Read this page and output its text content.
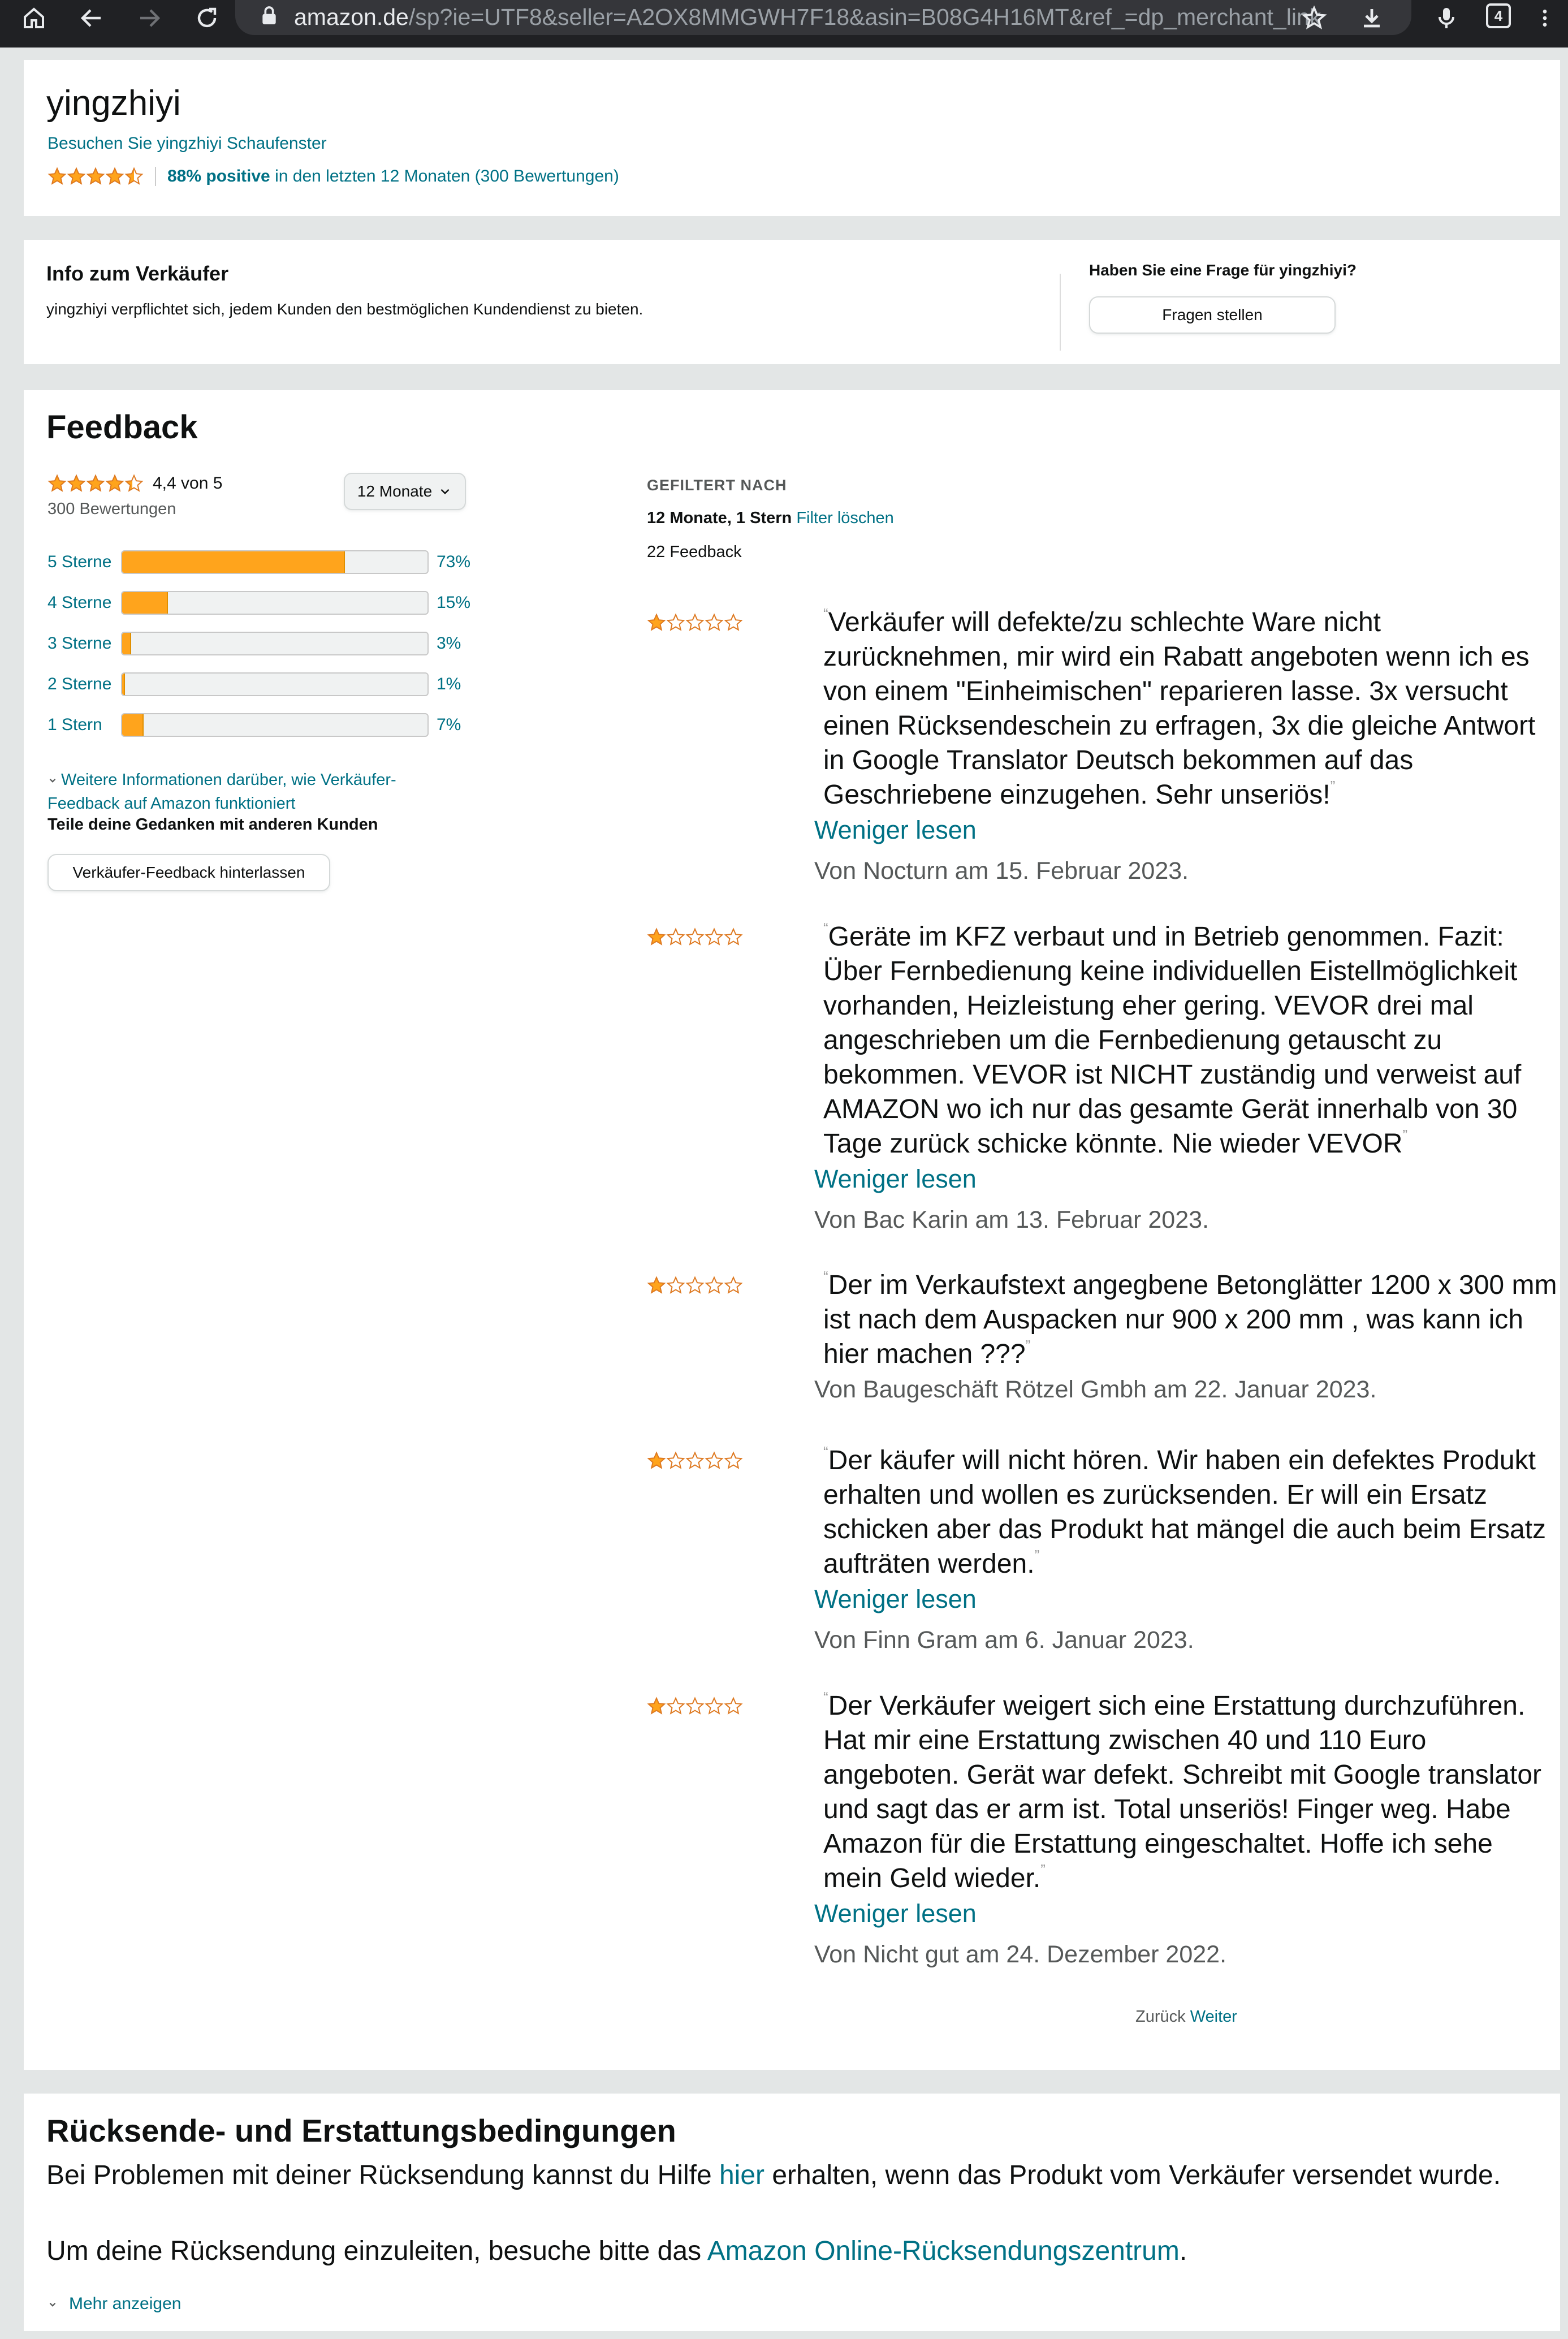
amazon.de/sp?ie=UTF8&seller=A2OX8MMGWH7F18&asin=B08G4H16MT&ref_=dp_merchant_link	4
yingzhiyi
Besuchen Sie yingzhiyi Schaufenster
88% positive in den letzten 12 Monaten (300 Bewertungen)
Info zum Verkäufer
yingzhiyi verpflichtet sich, jedem Kunden den bestmöglichen Kundendienst zu bieten.
Haben Sie eine Frage für yingzhiyi?
Fragen stellen
Feedback
4,4 von 5
300 Bewertungen
12 Monate
5 Sterne	73%
4 Sterne	15%
3 Sterne	3%
2 Sterne	1%
1 Stern	7%
Weitere Informationen darüber, wie Verkäufer-Feedback auf Amazon funktioniert
Teile deine Gedanken mit anderen Kunden
Verkäufer-Feedback hinterlassen
GEFILTERT NACH
12 Monate, 1 Stern Filter löschen
22 Feedback
“Verkäufer will defekte/zu schlechte Ware nicht zurücknehmen, mir wird ein Rabatt angeboten wenn ich es von einem "Einheimischen" reparieren lasse. 3x versucht einen Rücksendeschein zu erfragen, 3x die gleiche Antwort in Google Translator Deutsch bekommen auf das Geschriebene einzugehen. Sehr unseriös!”
Weniger lesen
Von Nocturn am 15. Februar 2023.
“Geräte im KFZ verbaut und in Betrieb genommen. Fazit: Über Fernbedienung keine individuellen Eistellmöglichkeit vorhanden, Heizleistung eher gering. VEVOR drei mal angeschrieben um die Fernbedienung getauscht zu bekommen. VEVOR ist NICHT zuständig und verweist auf AMAZON wo ich nur das gesamte Gerät innerhalb von 30 Tage zurück schicke könnte. Nie wieder VEVOR”
Weniger lesen
Von Bac Karin am 13. Februar 2023.
“Der im Verkaufstext angegbene Betonglätter 1200 x 300 mm ist nach dem Auspacken nur 900 x 200 mm , was kann ich hier machen ???”
Von Baugeschäft Rötzel Gmbh am 22. Januar 2023.
“Der käufer will nicht hören. Wir haben ein defektes Produkt erhalten und wollen es zurücksenden. Er will ein Ersatz schicken aber das Produkt hat mängel die auch beim Ersatz aufträten werden.”
Weniger lesen
Von Finn Gram am 6. Januar 2023.
“Der Verkäufer weigert sich eine Erstattung durchzuführen. Hat mir eine Erstattung zwischen 40 und 110 Euro angeboten. Gerät war defekt. Schreibt mit Google translator und sagt das er arm ist. Total unseriös! Finger weg. Habe Amazon für die Erstattung eingeschaltet. Hoffe ich sehe mein Geld wieder.”
Weniger lesen
Von Nicht gut am 24. Dezember 2022.
Zurück Weiter
Rücksende- und Erstattungsbedingungen
Bei Problemen mit deiner Rücksendung kannst du Hilfe hier erhalten, wenn das Produkt vom Verkäufer versendet wurde.
Um deine Rücksendung einzuleiten, besuche bitte das Amazon Online-Rücksendungszentrum.
Mehr anzeigen
